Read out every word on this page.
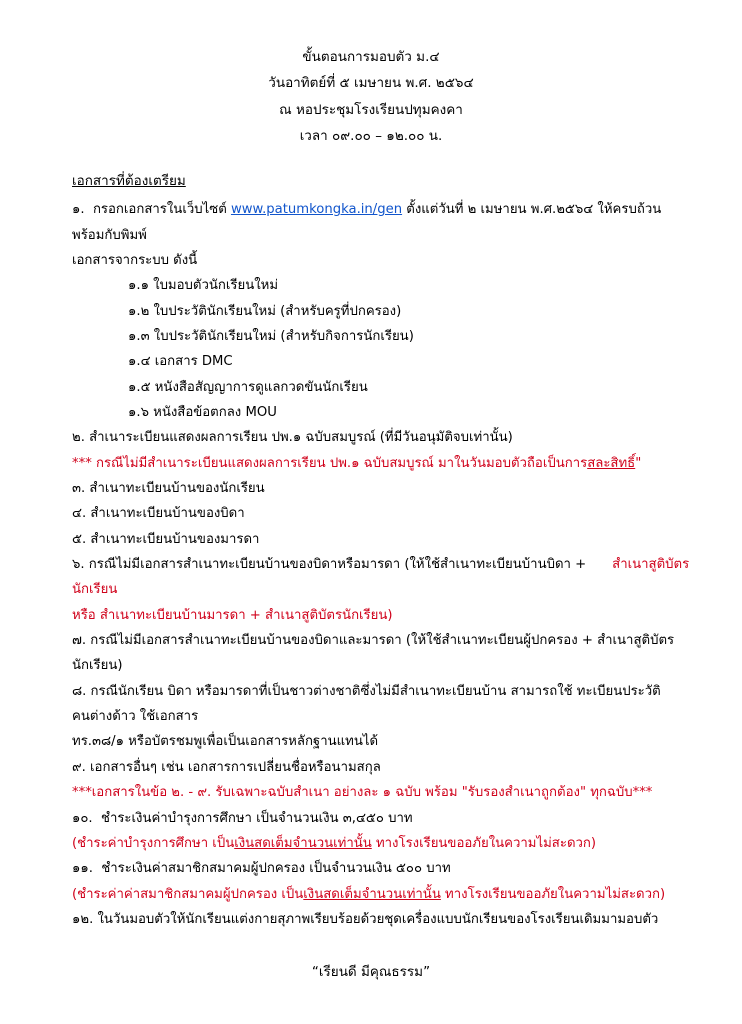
ขั้นตอนการมอบตัว ม.๔
วันอาทิตย์ที่ ๕ เมษายน พ.ศ. ๒๕๖๔
ณ หอประชุมโรงเรียนปทุมคงคา
เวลา ๐๙.๐๐ – ๑๒.๐๐ น.
เอกสารที่ต้องเตรียม
๑.  กรอกเอกสารในเว็บไซต์ www.patumkongka.in/gen ตั้งแต่วันที่ ๒ เมษายน พ.ศ.๒๕๖๔ ให้ครบถ้วน พร้อมกับพิมพ์
เอกสารจากระบบ ดังนี้
๑.๑ ใบมอบตัวนักเรียนใหม่
๑.๒ ใบประวัตินักเรียนใหม่ (สำหรับครูที่ปกครอง)
๑.๓ ใบประวัตินักเรียนใหม่ (สำหรับกิจการนักเรียน)
๑.๔ เอกสาร DMC
๑.๕ หนังสือสัญญาการดูแลกวดขันนักเรียน
๑.๖ หนังสือข้อตกลง MOU
๒. สำเนาระเบียนแสดงผลการเรียน ปพ.๑ ฉบับสมบูรณ์ (ที่มีวันอนุมัติจบเท่านั้น)
*** กรณีไม่มีสำเนาระเบียนแสดงผลการเรียน ปพ.๑ ฉบับสมบูรณ์ มาในวันมอบตัวถือเป็นการสละสิทธิ์"
๓. สำเนาทะเบียนบ้านของนักเรียน
๔. สำเนาทะเบียนบ้านของบิดา
๕. สำเนาทะเบียนบ้านของมารดา
๖. กรณีไม่มีเอกสารสำเนาทะเบียนบ้านของบิดาหรือมารดา (ให้ใช้สำเนาทะเบียนบ้านบิดา + สำเนาสูติบัตรนักเรียน
หรือ สำเนาทะเบียนบ้านมารดา + สำเนาสูติบัตรนักเรียน)
๗. กรณีไม่มีเอกสารสำเนาทะเบียนบ้านของบิดาและมารดา (ให้ใช้สำเนาทะเบียนผู้ปกครอง + สำเนาสูติบัตรนักเรียน)
๘. กรณีนักเรียน บิดา หรือมารดาที่เป็นชาวต่างชาติซึ่งไม่มีสำเนาทะเบียนบ้าน สามารถใช้ ทะเบียนประวัติคนต่างด้าว ใช้เอกสาร
ทร.๓๘/๑ หรือบัตรชมพูเพื่อเป็นเอกสารหลักฐานแทนได้
๙. เอกสารอื่นๆ เช่น เอกสารการเปลี่ยนชื่อหรือนามสกุล
***เอกสารในข้อ ๒. - ๙. รับเฉพาะฉบับสำเนา อย่างละ ๑ ฉบับ พร้อม "รับรองสำเนาถูกต้อง" ทุกฉบับ***
๑๐.  ชำระเงินค่าบำรุงการศึกษา เป็นจำนวนเงิน ๓,๔๕๐ บาท
(ชำระค่าบำรุงการศึกษา เป็นเงินสดเต็มจำนวนเท่านั้น ทางโรงเรียนขออภัยในความไม่สะดวก)
๑๑.  ชำระเงินค่าสมาชิกสมาคมผู้ปกครอง เป็นจำนวนเงิน ๕๐๐ บาท
(ชำระค่าค่าสมาชิกสมาคมผู้ปกครอง เป็นเงินสดเต็มจำนวนเท่านั้น ทางโรงเรียนขออภัยในความไม่สะดวก)
๑๒. ในวันมอบตัวให้นักเรียนแต่งกายสุภาพเรียบร้อยด้วยชุดเครื่องแบบนักเรียนของโรงเรียนเดิมมามอบตัว
“เรียนดี มีคุณธรรม”
